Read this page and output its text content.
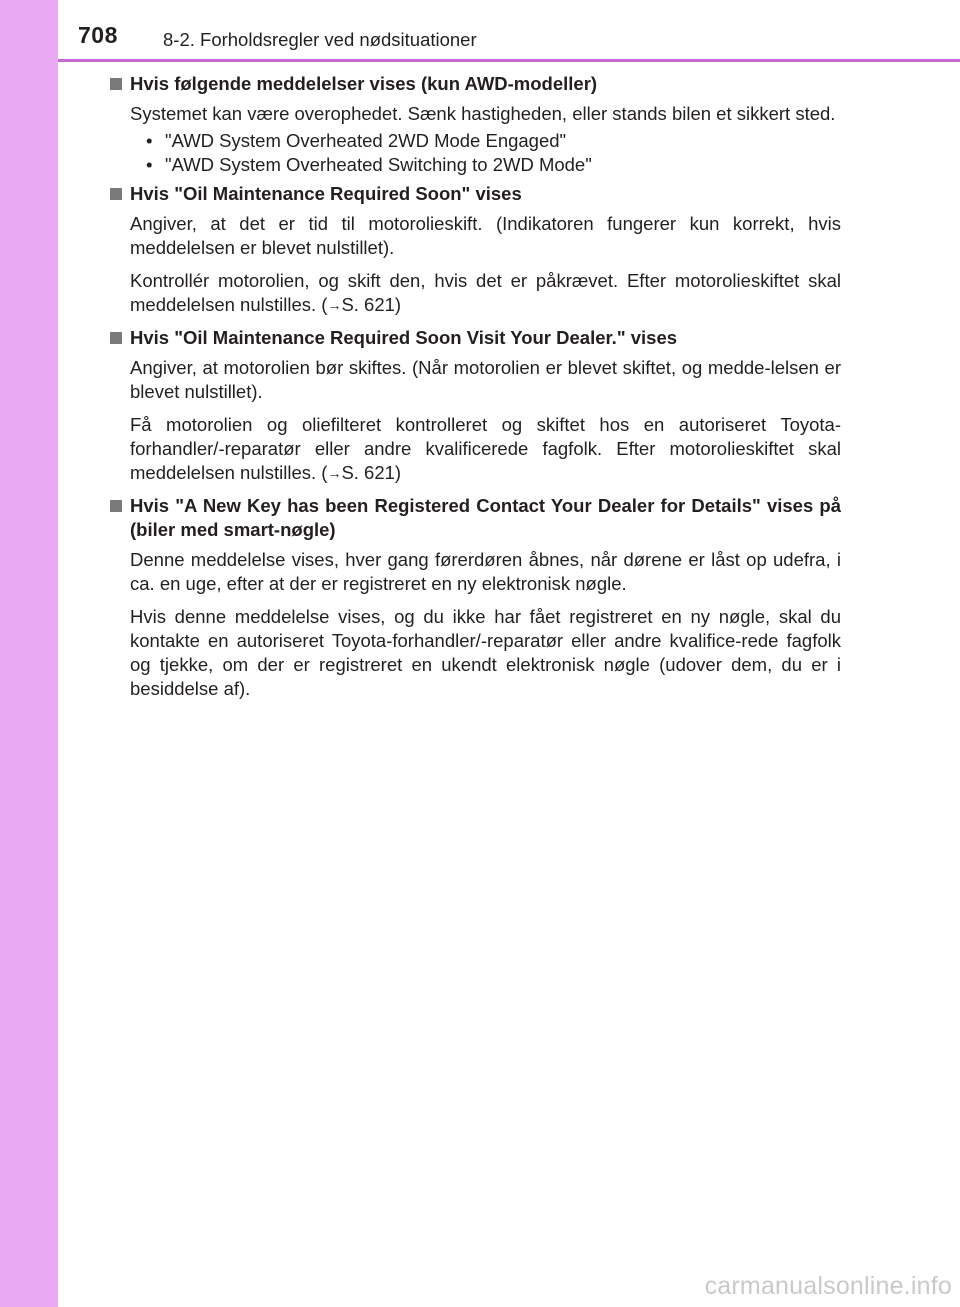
708 8-2. Forholdsregler ved nødsituationer
Hvis følgende meddelelser vises (kun AWD-modeller)

Systemet kan være overophedet. Sænk hastigheden, eller stands bilen et sikkert sted.

• "AWD System Overheated 2WD Mode Engaged"
• "AWD System Overheated Switching to 2WD Mode"
Hvis "Oil Maintenance Required Soon" vises

Angiver, at det er tid til motorolieskift. (Indikatoren fungerer kun korrekt, hvis meddelelsen er blevet nulstillet).

Kontrollér motorolien, og skift den, hvis det er påkrævet. Efter motorolieskiftet skal meddelelsen nulstilles. (→S. 621)

Hvis "Oil Maintenance Required Soon Visit Your Dealer." vises

Angiver, at motorolien bør skiftes. (Når motorolien er blevet skiftet, og medde-lelsen er blevet nulstillet).

Få motorolien og oliefilteret kontrolleret og skiftet hos en autoriseret Toyota-forhandler/-reparatør eller andre kvalificerede fagfolk. Efter motorolieskiftet skal meddelelsen nulstilles. (→S. 621)

Hvis "A New Key has been Registered Contact Your Dealer for Details" vises på (biler med smart-nøgle)

Denne meddelelse vises, hver gang førerdøren åbnes, når dørene er låst op udefra, i ca. en uge, efter at der er registreret en ny elektronisk nøgle.

Hvis denne meddelelse vises, og du ikke har fået registreret en ny nøgle, skal du kontakte en autoriseret Toyota-forhandler/-reparatør eller andre kvalifice-rede fagfolk og tjekke, om der er registreret en ukendt elektronisk nøgle (udover dem, du er i besiddelse af).

carmanualsonline.info
